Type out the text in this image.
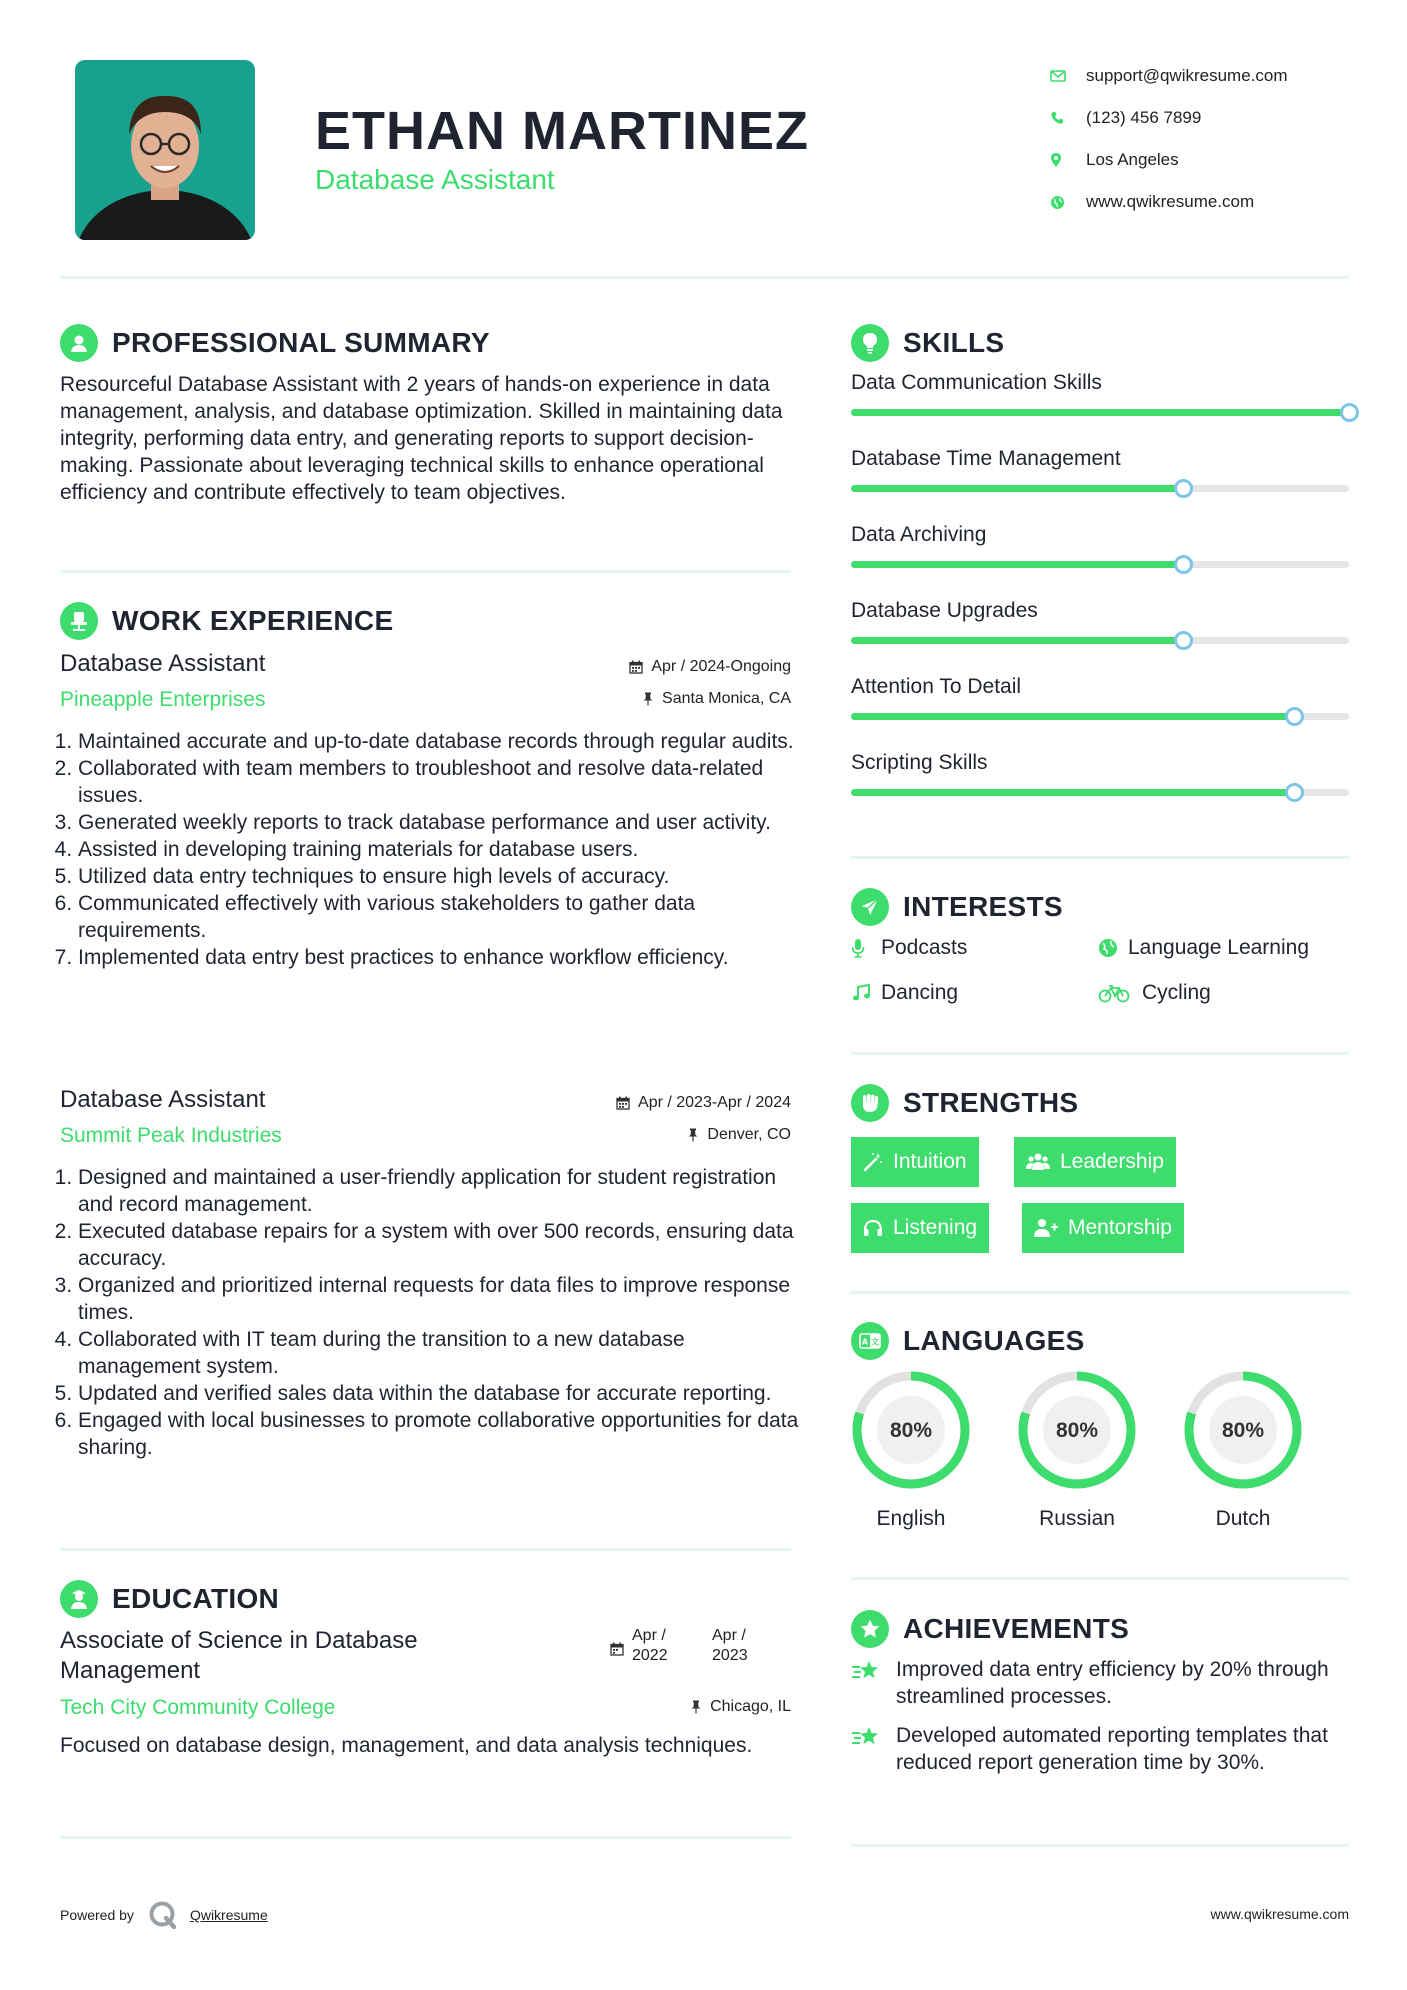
ETHAN MARTINEZ
Database Assistant
support@qwikresume.com
(123) 456 7899
Los Angeles
www.qwikresume.com
PROFESSIONAL SUMMARY
Resourceful Database Assistant with 2 years of hands-on experience in data management, analysis, and database optimization. Skilled in maintaining data integrity, performing data entry, and generating reports to support decision-making. Passionate about leveraging technical skills to enhance operational efficiency and contribute effectively to team objectives.
WORK EXPERIENCE
Database Assistant	Apr / 2024-Ongoing
Pineapple Enterprises	Santa Monica, CA
1. Maintained accurate and up-to-date database records through regular audits.
2. Collaborated with team members to troubleshoot and resolve data-related issues.
3. Generated weekly reports to track database performance and user activity.
4. Assisted in developing training materials for database users.
5. Utilized data entry techniques to ensure high levels of accuracy.
6. Communicated effectively with various stakeholders to gather data requirements.
7. Implemented data entry best practices to enhance workflow efficiency.
Database Assistant	Apr / 2023-Apr / 2024
Summit Peak Industries	Denver, CO
1. Designed and maintained a user-friendly application for student registration and record management.
2. Executed database repairs for a system with over 500 records, ensuring data accuracy.
3. Organized and prioritized internal requests for data files to improve response times.
4. Collaborated with IT team during the transition to a new database management system.
5. Updated and verified sales data within the database for accurate reporting.
6. Engaged with local businesses to promote collaborative opportunities for data sharing.
EDUCATION
Associate of Science in Database Management
Apr / 2022
Apr / 2023
Tech City Community College	Chicago, IL
Focused on database design, management, and data analysis techniques.
SKILLS
Data Communication Skills
Database Time Management
Data Archiving
Database Upgrades
Attention To Detail
Scripting Skills
INTERESTS
Podcasts	Language Learning
Dancing	Cycling
STRENGTHS
Intuition	Leadership
Listening	Mentorship
A 文 LANGUAGES
80%
English
80%
Russian
80%
Dutch
ACHIEVEMENTS
Improved data entry efficiency by 20% through streamlined processes.
Developed automated reporting templates that reduced report generation time by 30%.
Powered by	Qwikresume	www.qwikresume.com
